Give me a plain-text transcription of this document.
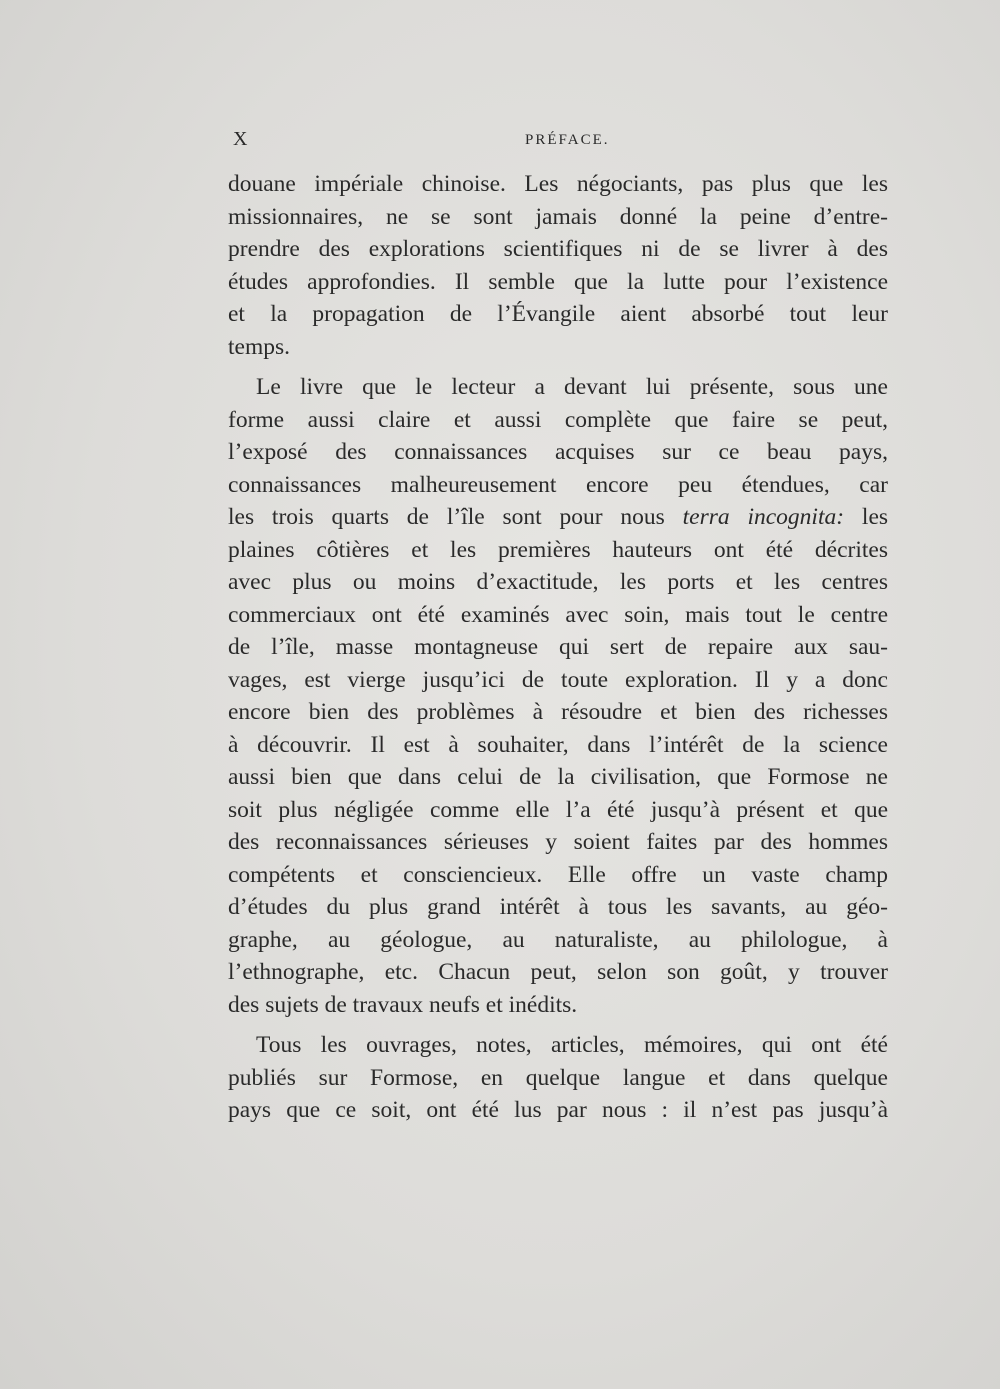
X	PRÉFACE.
douane impériale chinoise. Les négociants, pas plus que les
missionnaires, ne se sont jamais donné la peine d’entre-
prendre des explorations scientifiques ni de se livrer à des
études approfondies. Il semble que la lutte pour l’existence
et la propagation de l’Évangile aient absorbé tout leur
temps.
Le livre que le lecteur a devant lui présente, sous une
forme aussi claire et aussi complète que faire se peut,
l’exposé des connaissances acquises sur ce beau pays,
connaissances malheureusement encore peu étendues, car
les trois quarts de l’île sont pour nous terra incognita: les
plaines côtières et les premières hauteurs ont été décrites
avec plus ou moins d’exactitude, les ports et les centres
commerciaux ont été examinés avec soin, mais tout le centre
de l’île, masse montagneuse qui sert de repaire aux sau-
vages, est vierge jusqu’ici de toute exploration. Il y a donc
encore bien des problèmes à résoudre et bien des richesses
à découvrir. Il est à souhaiter, dans l’intérêt de la science
aussi bien que dans celui de la civilisation, que Formose ne
soit plus négligée comme elle l’a été jusqu’à présent et que
des reconnaissances sérieuses y soient faites par des hommes
compétents et consciencieux. Elle offre un vaste champ
d’études du plus grand intérêt à tous les savants, au géo-
graphe, au géologue, au naturaliste, au philologue, à
l’ethnographe, etc. Chacun peut, selon son goût, y trouver
des sujets de travaux neufs et inédits.
Tous les ouvrages, notes, articles, mémoires, qui ont été
publiés sur Formose, en quelque langue et dans quelque
pays que ce soit, ont été lus par nous : il n’est pas jusqu’à
